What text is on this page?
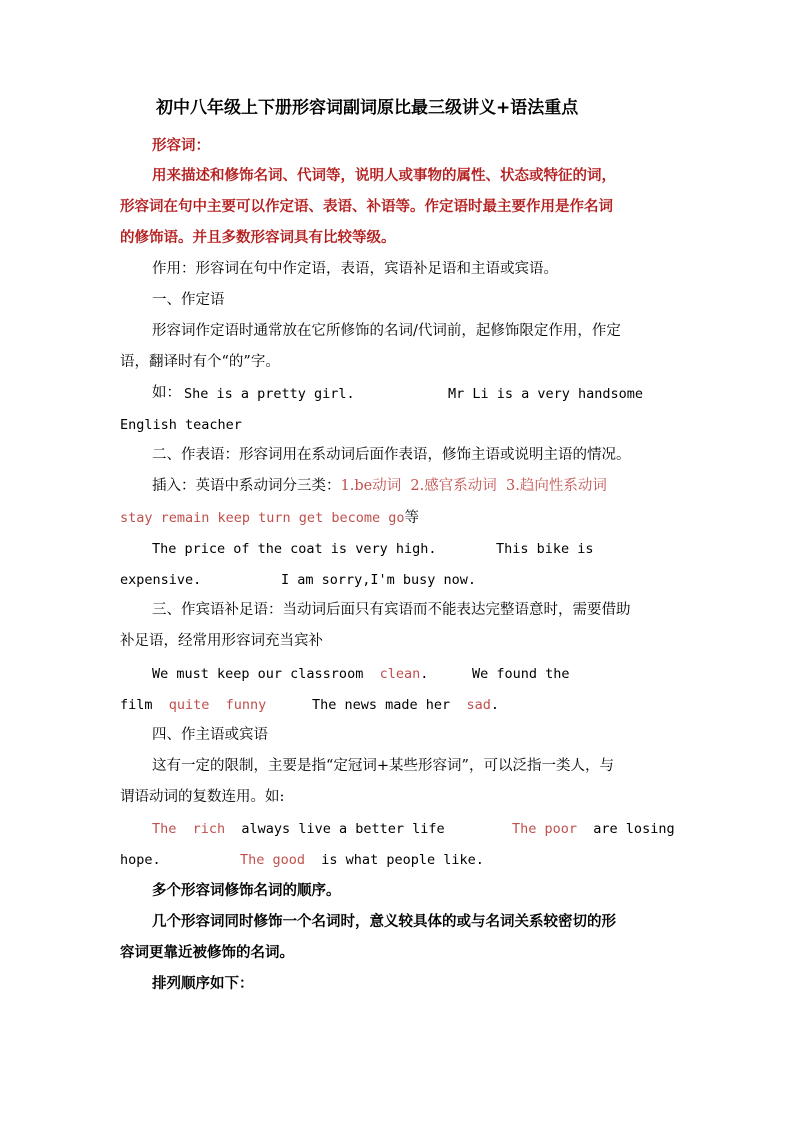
初中八年级上下册形容词副词原比最三级讲义+语法重点
形容词：
用来描述和修饰名词、代词等，说明人或事物的属性、状态或特征的词，
形容词在句中主要可以作定语、表语、补语等。作定语时最主要作用是作名词
的修饰语。并且多数形容词具有比较等级。
作用：形容词在句中作定语，表语，宾语补足语和主语或宾语。
一、作定语
形容词作定语时通常放在它所修饰的名词/代词前，起修饰限定作用，作定
语，翻译时有个“的”字。
如： She is a pretty girl.	Mr Li is a very handsome
English teacher
二、作表语：形容词用在系动词后面作表语，修饰主语或说明主语的情况。
插入：英语中系动词分三类：1.be动词 2.感官系动词 3.趋向性系动词
stay remain keep turn get become go等
The price of the coat is very high.	This bike is
expensive.	I am sorry,I'm busy now.
三、作宾语补足语：当动词后面只有宾语而不能表达完整语意时，需要借助
补足语，经常用形容词充当宾补
We must keep our classroom clean.	We found the
film quite  funny	The news made her sad.
四、作主语或宾语
这有一定的限制，主要是指“定冠词+某些形容词”，可以泛指一类人，与
谓语动词的复数连用。如:
The  rich always live a better life	The poor are losing
hope.	The good is what people like.
多个形容词修饰名词的顺序。
几个形容词同时修饰一个名词时，意义较具体的或与名词关系较密切的形
容词更靠近被修饰的名词。
排列顺序如下：
